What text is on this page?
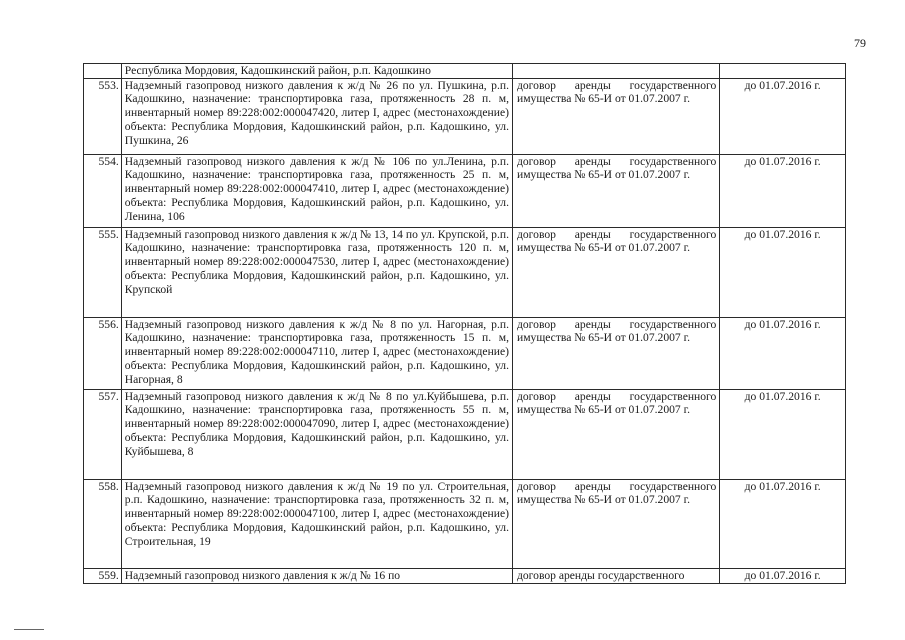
79

	Республика Мордовия, Кадошкинский район, р.п. Кадошкино		

553.	Надземный газопровод низкого давления к ж/д № 26 по ул. Пушкина, р.п. Кадошкино, назначение: транспортировка газа, протяженность 28 п. м, инвентарный номер 89:228:002:000047420, литер I, адрес (местонахождение) объекта: Республика Мордовия, Кадошкинский район, р.п. Кадошкино, ул. Пушкина, 26	договор аренды государственного имущества № 65-И от 01.07.2007 г.	до 01.07.2016 г.
554.	Надземный газопровод низкого давления к ж/д № 106 по ул.Ленина, р.п. Кадошкино, назначение: транспортировка газа, протяженность 25 п. м, инвентарный номер 89:228:002:000047410, литер I, адрес (местонахождение) объекта: Республика Мордовия, Кадошкинский район, р.п. Кадошкино, ул. Ленина, 106	договор аренды государственного имущества № 65-И от 01.07.2007 г.	до 01.07.2016 г.
555.	Надземный газопровод низкого давления к ж/д № 13, 14 по ул. Крупской, р.п. Кадошкино, назначение: транспортировка газа, протяженность 120 п. м, инвентарный номер 89:228:002:000047530, литер I, адрес (местонахождение) объекта: Республика Мордовия, Кадошкинский район, р.п. Кадошкино, ул. Крупской	договор аренды государственного имущества № 65-И от 01.07.2007 г.	до 01.07.2016 г.
556.	Надземный газопровод низкого давления к ж/д № 8 по ул. Нагорная, р.п. Кадошкино, назначение: транспортировка газа, протяженность 15 п. м, инвентарный номер 89:228:002:000047110, литер I, адрес (местонахождение) объекта: Республика Мордовия, Кадошкинский район, р.п. Кадошкино, ул. Нагорная, 8	договор аренды государственного имущества № 65-И от 01.07.2007 г.	до 01.07.2016 г.
557.	Надземный газопровод низкого давления к ж/д № 8 по ул.Куйбышева, р.п. Кадошкино, назначение: транспортировка газа, протяженность 55 п. м, инвентарный номер 89:228:002:000047090, литер I, адрес (местонахождение) объекта: Республика Мордовия, Кадошкинский район, р.п. Кадошкино, ул. Куйбышева, 8	договор аренды государственного имущества № 65-И от 01.07.2007 г.	до 01.07.2016 г.
558.	Надземный газопровод низкого давления к ж/д № 19 по ул. Строительная, р.п. Кадошкино, назначение: транспортировка газа, протяженность 32 п. м, инвентарный номер 89:228:002:000047100, литер I, адрес (местонахождение) объекта: Республика Мордовия, Кадошкинский район, р.п. Кадошкино, ул. Строительная, 19	договор аренды государственного имущества № 65-И от 01.07.2007 г.	до 01.07.2016 г.
559.	Надземный газопровод низкого давления к ж/д № 16 по	договор аренды государственного	до 01.07.2016 г.
